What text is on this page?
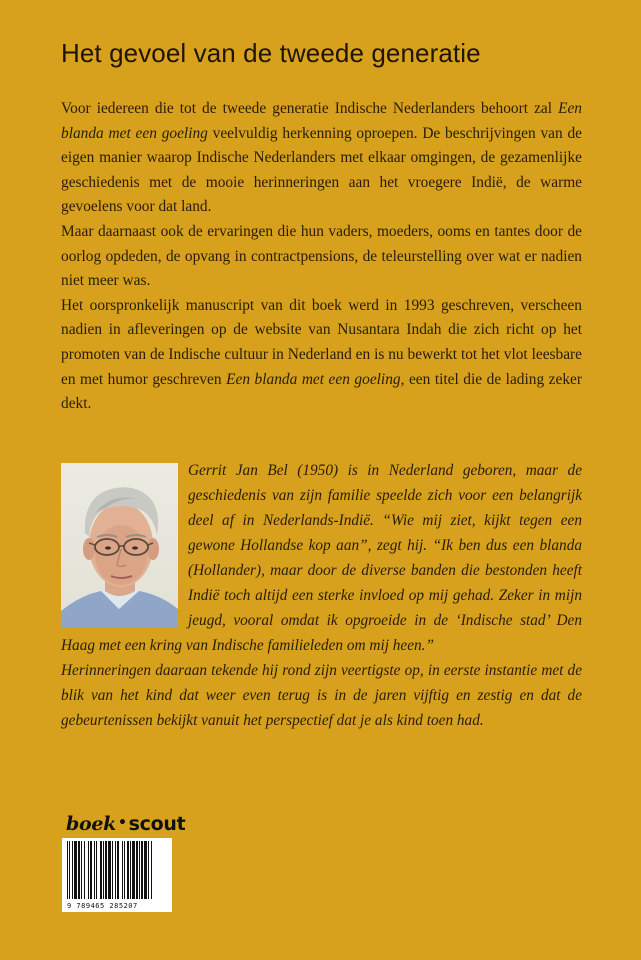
Het gevoel van de tweede generatie

Voor iedereen die tot de tweede generatie Indische Nederlanders behoort zal Een blanda met een goeling veelvuldig herkenning oproepen. De beschrijvingen van de eigen manier waarop Indische Nederlanders met elkaar omgingen, de gezamenlijke geschiedenis met de mooie herinneringen aan het vroegere Indië, de warme gevoelens voor dat land.

Maar daarnaast ook de ervaringen die hun vaders, moeders, ooms en tantes door de oorlog opdeden, de opvang in contractpensions, de teleurstelling over wat er nadien niet meer was.

Het oorspronkelijk manuscript van dit boek werd in 1993 geschreven, verscheen nadien in afleveringen op de website van Nusantara Indah die zich richt op het promoten van de Indische cultuur in Nederland en is nu bewerkt tot het vlot leesbare en met humor geschreven Een blanda met een goeling, een titel die de lading zeker dekt.

Gerrit Jan Bel (1950) is in Nederland geboren, maar de geschiedenis van zijn familie speelde zich voor een belangrijk deel af in Nederlands-Indië. “Wie mij ziet, kijkt tegen een gewone Hollandse kop aan”, zegt hij. “Ik ben dus een blanda (Hollander), maar door de diverse banden die bestonden heeft Indië toch altijd een sterke invloed op mij gehad. Zeker in mijn jeugd, vooral omdat ik opgroeide in de ‘Indische stad’ Den Haag met een kring van Indische familieleden om mij heen.”

Herinneringen daaraan tekende hij rond zijn veertigste op, in eerste instantie met de blik van het kind dat weer even terug is in de jaren vijftig en zestig en dat de gebeurtenissen bekijkt vanuit het perspectief dat je als kind toen had.

boek • scout
9 789465 285207
